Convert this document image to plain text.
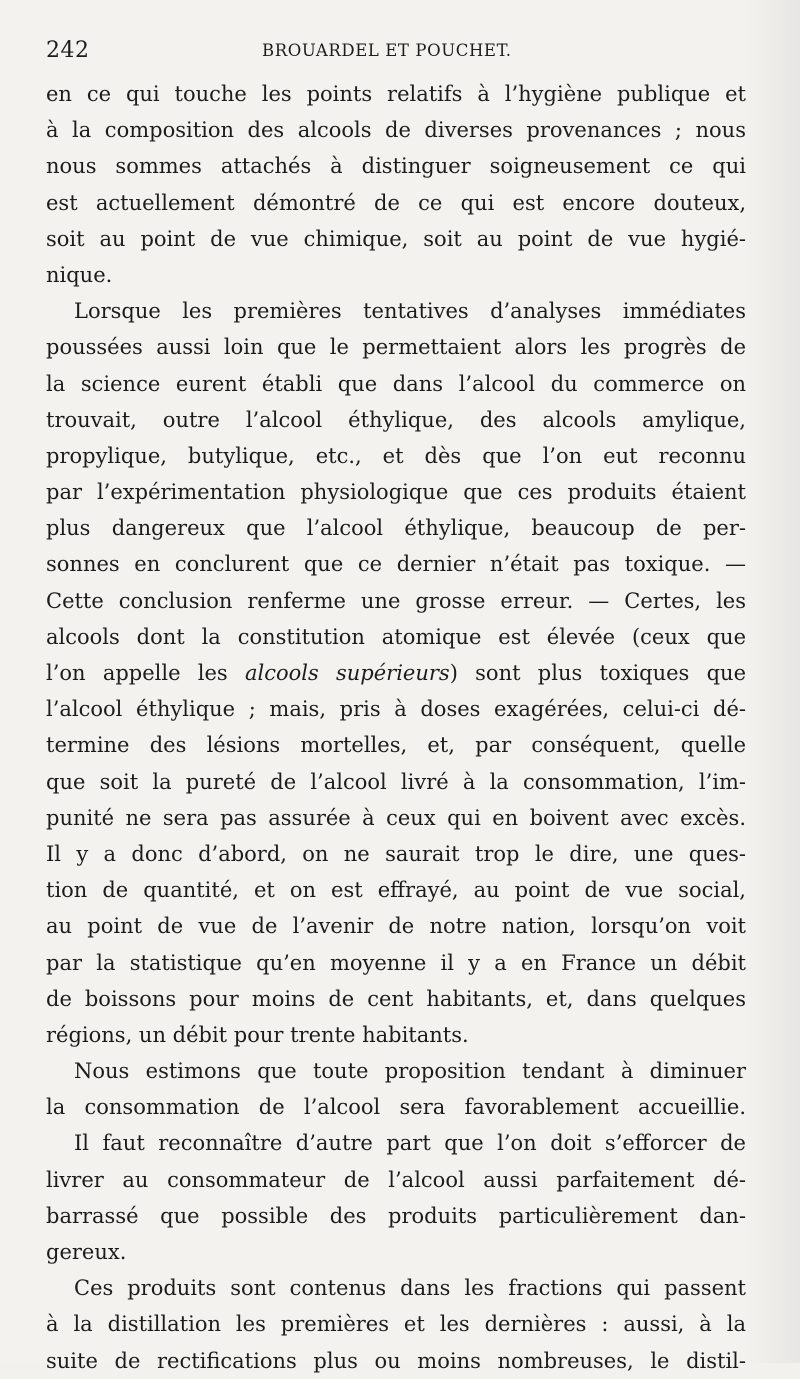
242	BROUARDEL ET POUCHET.
en ce qui touche les points relatifs à l’hygiène publique et
à la composition des alcools de diverses provenances ; nous
nous sommes attachés à distinguer soigneusement ce qui
est actuellement démontré de ce qui est encore douteux,
soit au point de vue chimique, soit au point de vue hygié-
nique.
Lorsque les premières tentatives d’analyses immédiates
poussées aussi loin que le permettaient alors les progrès de
la science eurent établi que dans l’alcool du commerce on
trouvait, outre l’alcool éthylique, des alcools amylique,
propylique, butylique, etc., et dès que l’on eut reconnu
par l’expérimentation physiologique que ces produits étaient
plus dangereux que l’alcool éthylique, beaucoup de per-
sonnes en conclurent que ce dernier n’était pas toxique. —
Cette conclusion renferme une grosse erreur. — Certes, les
alcools dont la constitution atomique est élevée (ceux que
l’on appelle les alcools supérieurs) sont plus toxiques que
l’alcool éthylique ; mais, pris à doses exagérées, celui-ci dé-
termine des lésions mortelles, et, par conséquent, quelle
que soit la pureté de l’alcool livré à la consommation, l’im-
punité ne sera pas assurée à ceux qui en boivent avec excès.
Il y a donc d’abord, on ne saurait trop le dire, une ques-
tion de quantité, et on est effrayé, au point de vue social,
au point de vue de l’avenir de notre nation, lorsqu’on voit
par la statistique qu’en moyenne il y a en France un débit
de boissons pour moins de cent habitants, et, dans quelques
régions, un débit pour trente habitants.
Nous estimons que toute proposition tendant à diminuer
la consommation de l’alcool sera favorablement accueillie.
Il faut reconnaître d’autre part que l’on doit s’efforcer de
livrer au consommateur de l’alcool aussi parfaitement dé-
barrassé que possible des produits particulièrement dan-
gereux.
Ces produits sont contenus dans les fractions qui passent
à la distillation les premières et les dernières : aussi, à la
suite de rectifications plus ou moins nombreuses, le distil-
